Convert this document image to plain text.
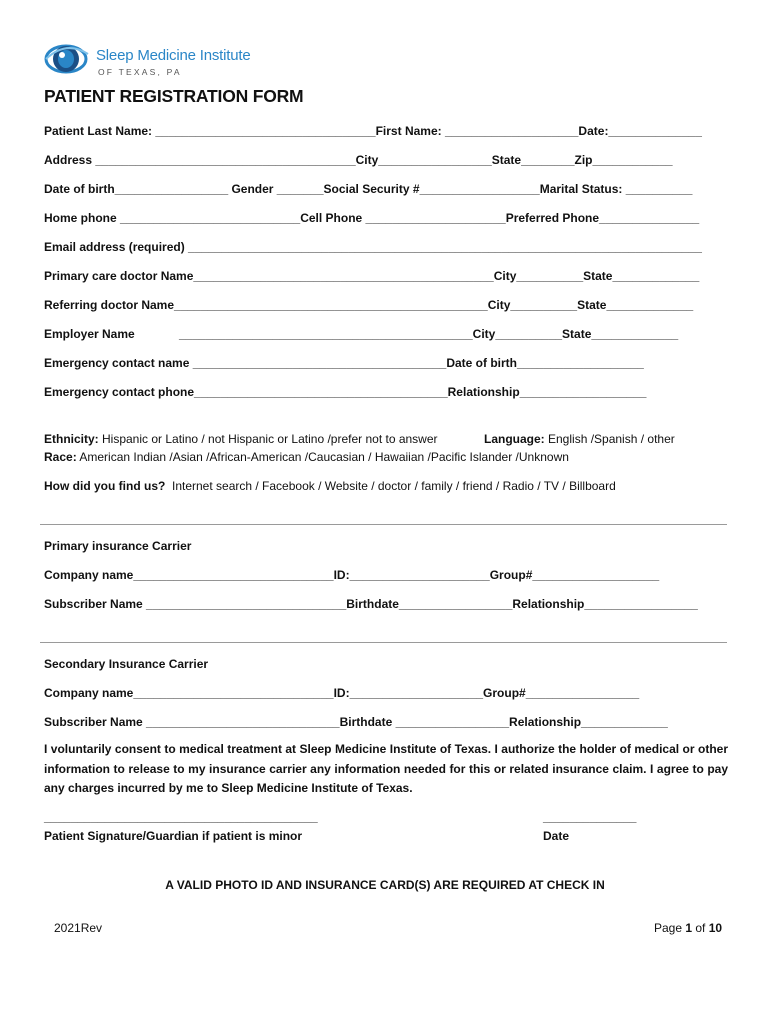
Sleep Medicine Institute
OF TEXAS, PA
PATIENT REGISTRATION FORM
Patient Last Name: _________________________________First Name: ____________________Date:______________
Address _______________________________________City_________________State________Zip____________
Date of birth_________________ Gender _______Social Security #__________________Marital Status: __________
Home phone ___________________________Cell Phone _____________________Preferred Phone_______________
Email address (required) _____________________________________________________________________________
Primary care doctor Name_____________________________________________City__________State_____________
Referring doctor Name_______________________________________________City__________State_____________
Employer Name	____________________________________________City__________State_____________
Emergency contact name ______________________________________Date of birth___________________
Emergency contact phone______________________________________Relationship___________________
Ethnicity: Hispanic or Latino / not Hispanic or Latino /prefer not to answer	Language: English /Spanish / other
Race: American Indian /Asian /African-American /Caucasian / Hawaiian /Pacific Islander /Unknown
How did you find us?  Internet search / Facebook / Website / doctor / family / friend / Radio / TV / Billboard
Primary insurance Carrier
Company name______________________________ID:_____________________Group#___________________
Subscriber Name ______________________________Birthdate_________________Relationship_________________
Secondary Insurance Carrier
Company name______________________________ID:____________________Group#_________________
Subscriber Name _____________________________Birthdate _________________Relationship_____________
I voluntarily consent to medical treatment at Sleep Medicine Institute of Texas. I authorize the holder of medical or other information to release to my insurance carrier any information needed for this or related insurance claim. I agree to pay any charges incurred by me to Sleep Medicine Institute of Texas.
_________________________________________
Patient Signature/Guardian if patient is minor
______________
Date
A VALID PHOTO ID AND INSURANCE CARD(S) ARE REQUIRED AT CHECK IN
2021Rev	Page 1 of 10
